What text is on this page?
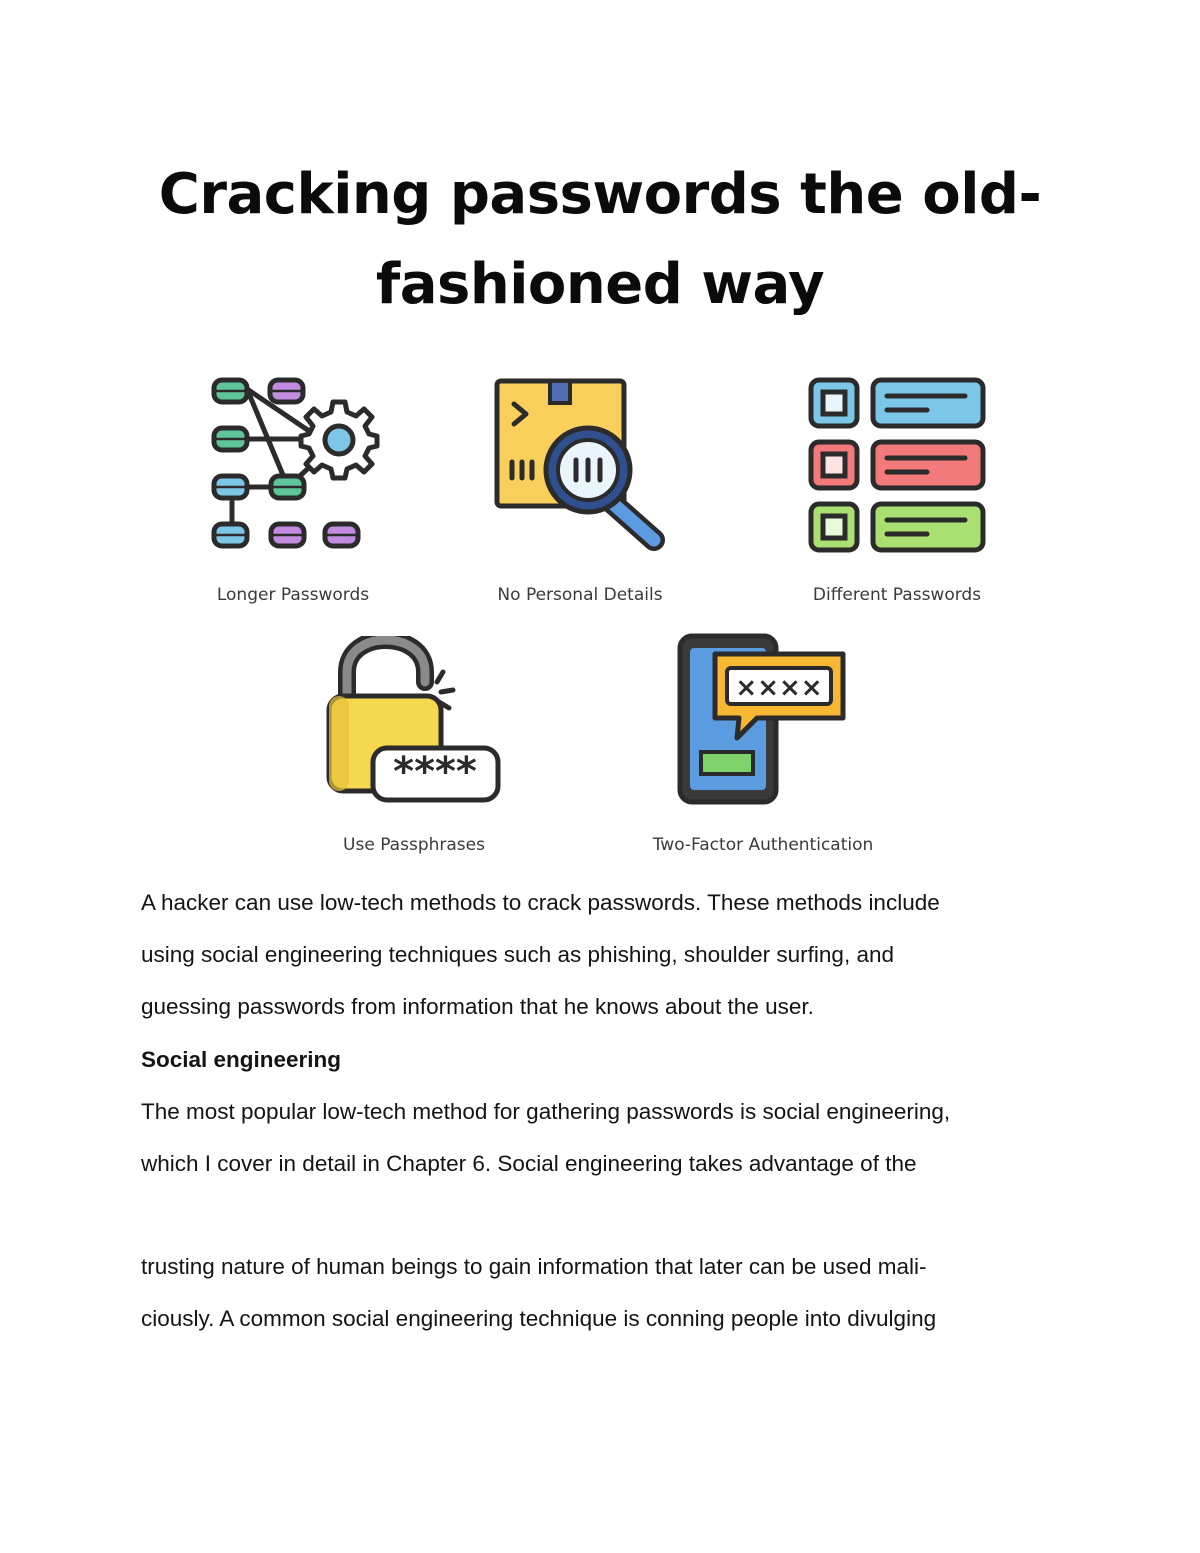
Cracking passwords the old-
fashioned way
Longer Passwords	No Personal Details	Different Passwords
****
Use Passphrases
××××
Two-Factor Authentication
A hacker can use low-tech methods to crack passwords. These methods include
using social engineering techniques such as phishing, shoulder surfing, and
guessing passwords from information that he knows about the user.
Social engineering
The most popular low-tech method for gathering passwords is social engineering,
which I cover in detail in Chapter 6. Social engineering takes advantage of the
trusting nature of human beings to gain information that later can be used mali-
ciously. A common social engineering technique is conning people into divulging
